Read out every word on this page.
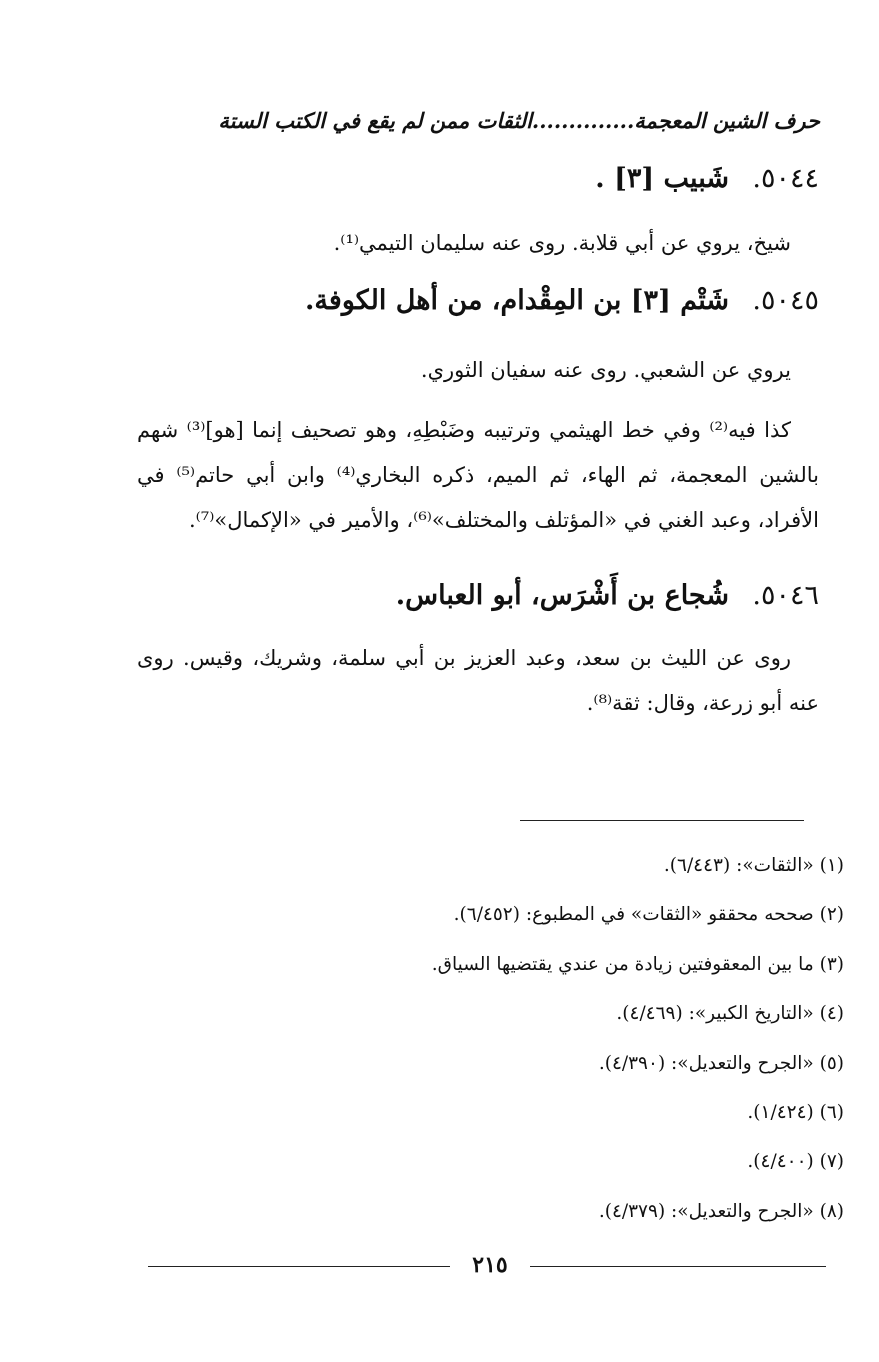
حرف الشين المعجمة..............الثقات ممن لم يقع في الكتب الستة
٥٠٤٤. شَبيب [٣] .

شيخ، يروي عن أبي قلابة. روى عنه سليمان التيمي⁽¹⁾.

٥٠٤٥. شَتْم [٣] بن المِقْدام، من أهل الكوفة.

يروي عن الشعبي. روى عنه سفيان الثوري.

كذا فيه⁽²⁾ وفي خط الهيثمي وترتيبه وضَبْطِهِ، وهو تصحيف إنما [هو]⁽³⁾ شهم بالشين المعجمة، ثم الهاء، ثم الميم، ذكره البخاري⁽⁴⁾ وابن أبي حاتم⁽⁵⁾ في الأفراد، وعبد الغني في «المؤتلف والمختلف»⁽⁶⁾، والأمير في «الإكمال»⁽⁷⁾.

٥٠٤٦. شُجاع بن أَشْرَس، أبو العباس.

روى عن الليث بن سعد، وعبد العزيز بن أبي سلمة، وشريك، وقيس. روى عنه أبو زرعة، وقال: ثقة⁽⁸⁾.

(١) «الثقات»: (٦/٤٤٣).
(٢) صححه محققو «الثقات» في المطبوع: (٦/٤٥٢).
(٣) ما بين المعقوفتين زيادة من عندي يقتضيها السياق.
(٤) «التاريخ الكبير»: (٤/٤٦٩).
(٥) «الجرح والتعديل»: (٤/٣٩٠).
(٦) (١/٤٢٤).
(٧) (٤/٤٠٠).
(٨) «الجرح والتعديل»: (٤/٣٧٩).
٢١٥
